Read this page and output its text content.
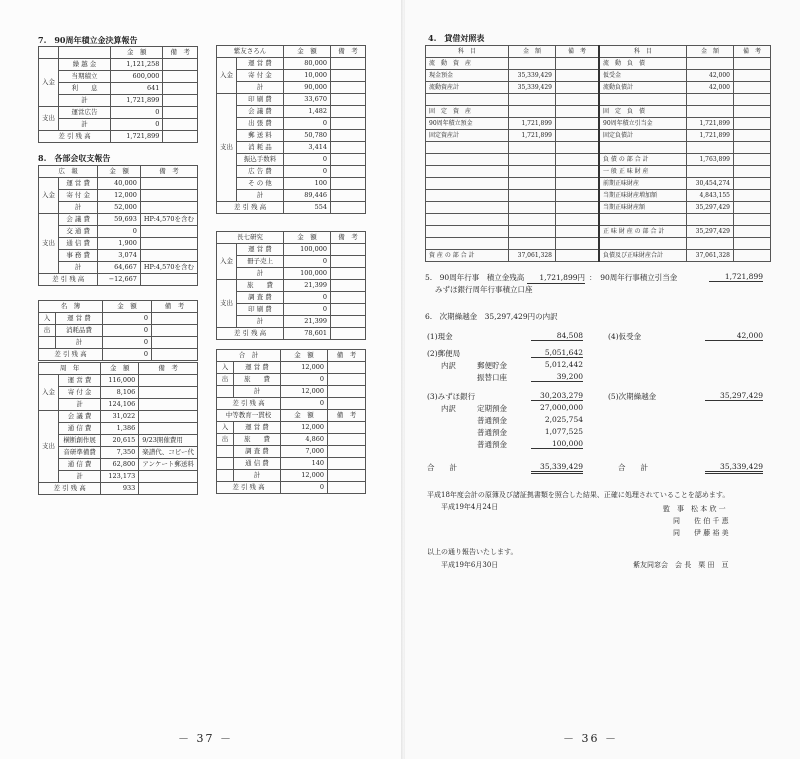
7.　90周年積立金決算報告
		金　額	備　考
入金	繰 越 金	1,121,258	
	当期積立	600,000	
	利　　息	641	
	計	1,721,899	
支出	運営広告	0	
	計	0	
差 引 残 高		1,721,899	
8.　各部会収支報告
広　報		金　額	備　考
入金	運 営 費	40,000	
	寄 付 金	12,000	
	計	52,000	
支出	会 議 費	59,693	HP:4,570を含む
	交 通 費	0	
	通 信 費	1,900	
	事 務 費	3,074	
	計	64,667	HP:4,570を含む
差 引 残 高		−12,667	
名　簿		金　額	備　考
入	運 営 費	0	
出	消耗品費	0	
	計	0	
差 引 残 高		0	
周　年		金　額	備　考
入金	運 営 費	116,000	
	寄 付 金	8,106	
	計	124,106	
支出	会 議 費	31,022	
	通 信 費	1,386	
	横断創作展	20,615	9/23開催費用
	音研準備費	7,350	楽譜代、コピー代
	通 信 費	62,800	アンケート郵送料
	計	123,173	
差 引 残 高		933	
紫友さろん		金　額	備　考
入金	運 営 費	80,000	
	寄 付 金	10,000	
	計	90,000	
支出	印 刷 費	33,670	
	会 議 費	1,482	
	出 張 費	0	
	郵 送 料	50,780	
	消 耗 品	3,414	
	振込手数料	0	
	広 告 費	0	
	そ の 他	100	
	計	89,446	
差 引 残 高		554	
長七研究		金　額	備　考
入金	運 営 費	100,000	
	冊子売上	0	
	計	100,000	
支出	旅　　費	21,399	
	調 査 費	0	
	印 刷 費	0	
	計	21,399	
差 引 残 高		78,601	
合　計		金　額	備　考
入	運 営 費	12,000	
出	旅　　費	0	
	計	12,000	
差 引 残 高		0	
中等教育一貫校		金　額	備　考
入	運 営 費	12,000	
出	旅　　費	4,860	
	調 査 費	7,000	
	通 信 費	140	
	計	12,000	
差 引 残 高		0	
－ 37 －
4.　貸借対照表
科　目	金　額	備　考	科　目	金　額	備　考
流　動　資　産			流　動　負　債		
現金預金	35,339,429		仮受金	42,000	
流動資産計	35,339,429		流動負債計	42,000	

固　定　資　産			固　定　負　債		
90周年積立預金	1,721,899		90周年積立引当金	1,721,899	
固定資産計	1,721,899		固定負債計	1,721,899	

			負 債 の 部 合 計	1,763,899	
			一 般 正 味 財 産		
			前期正味財産	30,454,274	
			当期正味財産増加額	4,843,155	
			当期正味財産額	35,297,429	

			正 味 財 産 の 部 合 計	35,297,429	

資 産 の 部 合 計	37,061,328		負債及び正味財産合計	37,061,328	
5.　90周年行事　積立金残高	1,721,899円 ：　90周年行事積立引当金	1,721,899
みずほ銀行周年行事積立口座
6.　次期繰越金　35,297,429円の内訳
(1)現金	84,508	(4)仮受金	42,000
(2)郵便局	5,051,642
内訳	郵便貯金	5,012,442
振替口座	39,200
(3)みずほ銀行	30,203,279	(5)次期繰越金	35,297,429
内訳	定期預金	27,000,000
普通預金	2,025,754
普通預金	1,077,525
普通預金	100,000
合　　計	35,339,429	合　　計	35,339,429
平成18年度会計の原簿及び諸証拠書類を照合した結果、正確に処理されていることを認めます。
平成19年4月24日	監　事　松 本 欣 一
同　　佐 伯 千 恵
同　　伊 藤 裕 美
以上の通り報告いたします。
平成19年6月30日	紫友同窓会　会 長　栗 田　亘
－ 36 －
